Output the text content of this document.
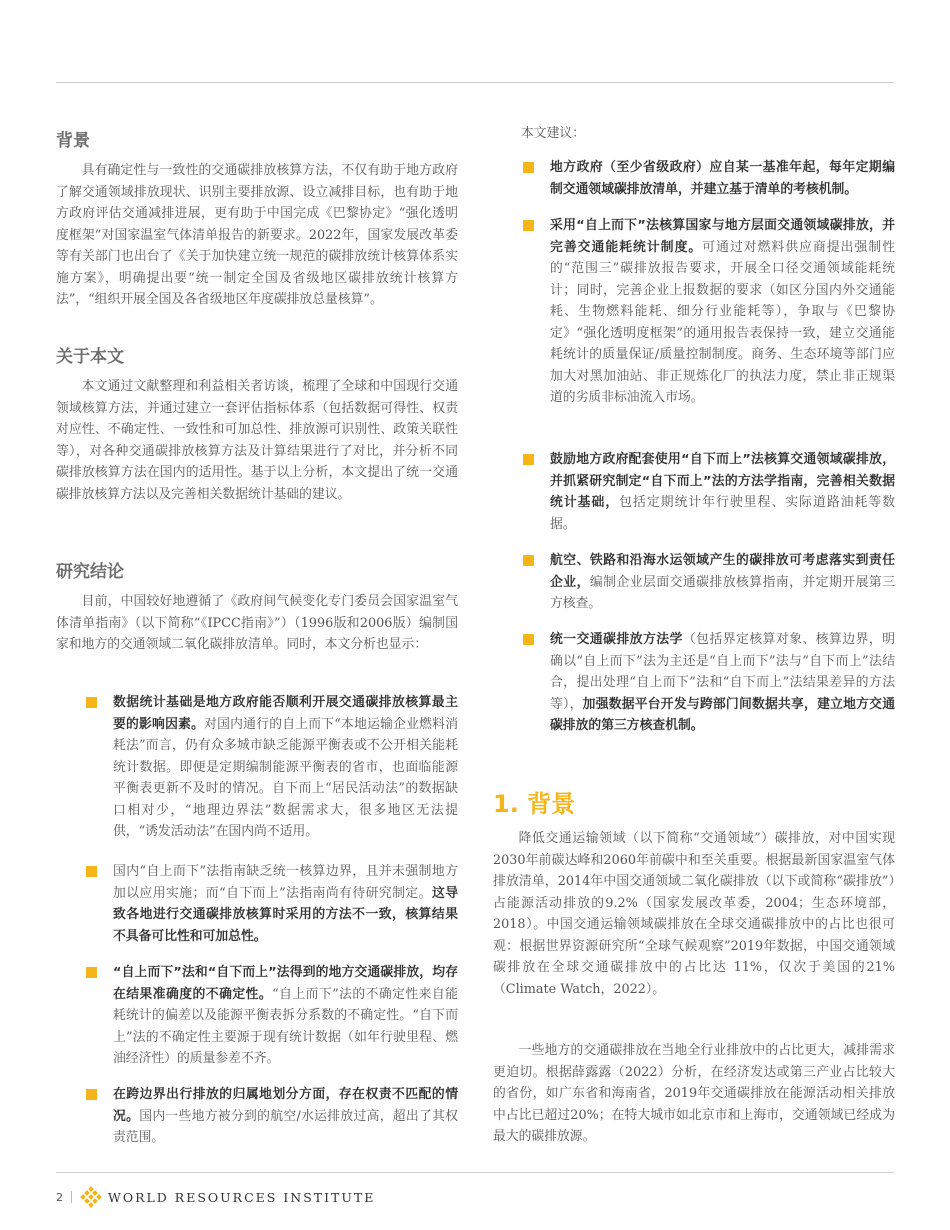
背景

具有确定性与一致性的交通碳排放核算方法，不仅有助于地方政府了解交通领域排放现状、识别主要排放源、设立减排目标，也有助于地方政府评估交通减排进展，更有助于中国完成《巴黎协定》“强化透明度框架”对国家温室气体清单报告的新要求。2022年，国家发展改革委等有关部门也出台了《关于加快建立统一规范的碳排放统计核算体系实施方案》，明确提出要“统一制定全国及省级地区碳排放统计核算方法”，“组织开展全国及各省级地区年度碳排放总量核算”。

关于本文

本文通过文献整理和利益相关者访谈，梳理了全球和中国现行交通领域核算方法，并通过建立一套评估指标体系（包括数据可得性、权责对应性、不确定性、一致性和可加总性、排放源可识别性、政策关联性等），对各种交通碳排放核算方法及计算结果进行了对比，并分析不同碳排放核算方法在国内的适用性。基于以上分析，本文提出了统一交通碳排放核算方法以及完善相关数据统计基础的建议。

研究结论

目前，中国较好地遵循了《政府间气候变化专门委员会国家温室气体清单指南》（以下简称“《IPCC指南》”）（1996版和2006版）编制国家和地方的交通领域二氧化碳排放清单。同时，本文分析也显示：

数据统计基础是地方政府能否顺利开展交通碳排放核算最主要的影响因素。对国内通行的自上而下“本地运输企业燃料消耗法”而言，仍有众多城市缺乏能源平衡表或不公开相关能耗统计数据。即便是定期编制能源平衡表的省市，也面临能源平衡表更新不及时的情况。自下而上“居民活动法”的数据缺口相对少，“地理边界法”数据需求大，很多地区无法提供，“诱发活动法”在国内尚不适用。

国内“自上而下”法指南缺乏统一核算边界，且并未强制地方加以应用实施；而“自下而上”法指南尚有待研究制定。这导致各地进行交通碳排放核算时采用的方法不一致，核算结果不具备可比性和可加总性。

“自上而下”法和“自下而上”法得到的地方交通碳排放，均存在结果准确度的不确定性。“自上而下”法的不确定性来自能耗统计的偏差以及能源平衡表拆分系数的不确定性。“自下而上”法的不确定性主要源于现有统计数据（如年行驶里程、燃油经济性）的质量参差不齐。

在跨边界出行排放的归属地划分方面，存在权责不匹配的情况。国内一些地方被分到的航空/水运排放过高，超出了其权责范围。

本文建议：

地方政府（至少省级政府）应自某一基准年起，每年定期编制交通领域碳排放清单，并建立基于清单的考核机制。

采用“自上而下”法核算国家与地方层面交通领域碳排放，并完善交通能耗统计制度。可通过对燃料供应商提出强制性的“范围三”碳排放报告要求，开展全口径交通领域能耗统计；同时，完善企业上报数据的要求（如区分国内外交通能耗、生物燃料能耗、细分行业能耗等），争取与《巴黎协定》“强化透明度框架”的通用报告表保持一致，建立交通能耗统计的质量保证/质量控制制度。商务、生态环境等部门应加大对黑加油站、非正规炼化厂的执法力度，禁止非正规渠道的劣质非标油流入市场。

鼓励地方政府配套使用“自下而上”法核算交通领域碳排放，并抓紧研究制定“自下而上”法的方法学指南，完善相关数据统计基础，包括定期统计年行驶里程、实际道路油耗等数据。

航空、铁路和沿海水运领域产生的碳排放可考虑落实到责任企业，编制企业层面交通碳排放核算指南，并定期开展第三方核查。

统一交通碳排放方法学（包括界定核算对象、核算边界，明确以“自上而下”法为主还是“自上而下”法与“自下而上”法结合，提出处理“自上而下”法和“自下而上”法结果差异的方法等），加强数据平台开发与跨部门间数据共享，建立地方交通碳排放的第三方核查机制。

1. 背景

降低交通运输领域（以下简称“交通领域”）碳排放，对中国实现2030年前碳达峰和2060年前碳中和至关重要。根据最新国家温室气体排放清单，2014年中国交通领域二氧化碳排放（以下或简称“碳排放”）占能源活动排放的9.2%（国家发展改革委，2004；生态环境部，2018）。中国交通运输领域碳排放在全球交通碳排放中的占比也很可观：根据世界资源研究所“全球气候观察”2019年数据，中国交通领域碳排放在全球交通碳排放中的占比达 11%，仅次于美国的21%（Climate Watch，2022）。

一些地方的交通碳排放在当地全行业排放中的占比更大，减排需求更迫切。根据薛露露（2022）分析，在经济发达或第三产业占比较大的省份，如广东省和海南省，2019年交通碳排放在能源活动相关排放中占比已超过20%；在特大城市如北京市和上海市，交通领域已经成为最大的碳排放源。

2	WORLD RESOURCES INSTITUTE
